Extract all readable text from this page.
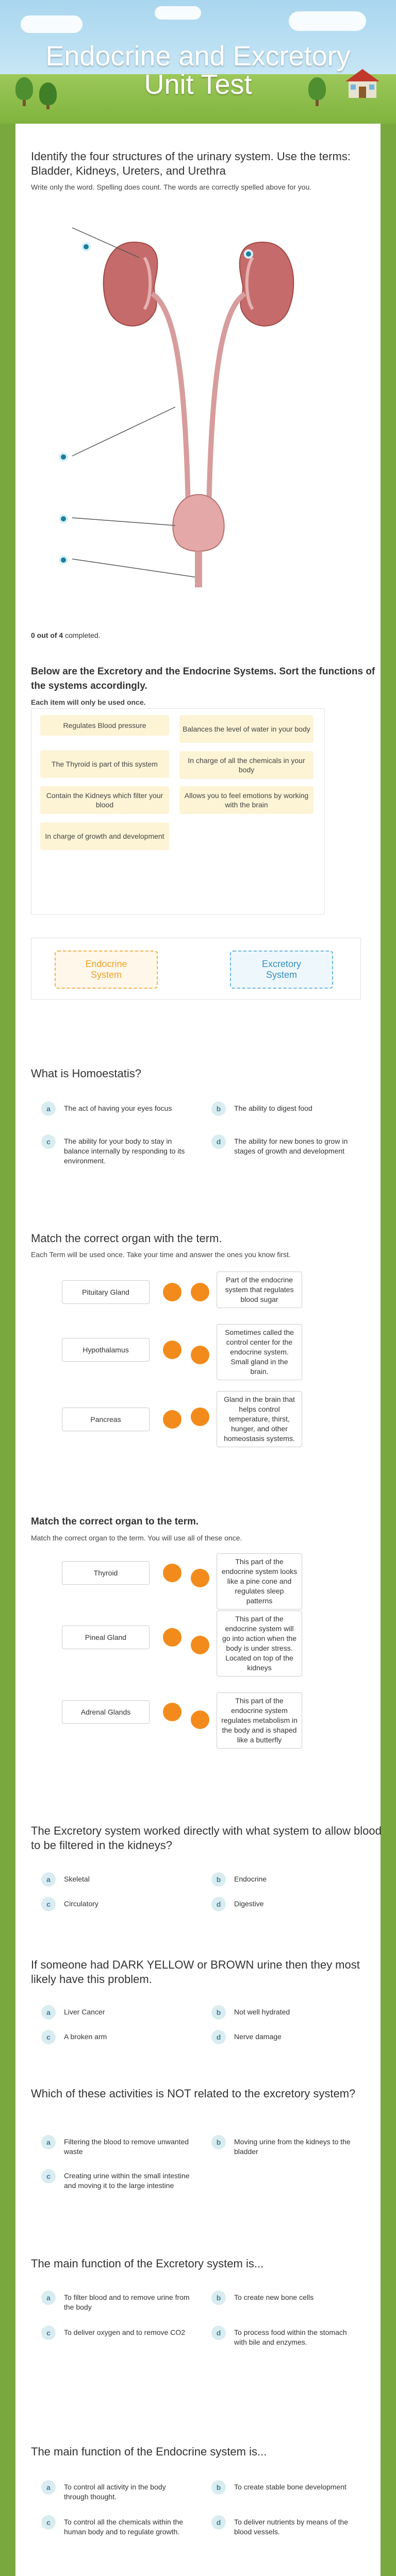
Endocrine and Excretory
Unit Test
Identify the four structures of the urinary system. Use the terms: Bladder, Kidneys, Ureters, and Urethra
Write only the word. Spelling does count. The words are correctly spelled above for you.
0 out of 4 completed.
Below are the Excretory and the Endocrine Systems. Sort the functions of the systems accordingly.
Each item will only be used once.
Regulates Blood pressure	Balances the level of water in your body
The Thyroid is part of this system	In charge of all the chemicals in your body
Contain the Kidneys which filter your blood
Allows you to feel emotions by working with the brain
In charge of growth and development
Endocrine System
Excretory System
What is Homoestatis?
a	The act of having your eyes focus	b	The ability to digest food
c	The ability for your body to stay in balance internally by responding to its environment.
d	The ability for new bones to grow in stages of growth and development
Match the correct organ with the term.
Each Term will be used once. Take your time and answer the ones you know first.
Pituitary Gland
Hypothalamus
Pancreas
Part of the endocrine system that regulates blood sugar
Sometimes called the control center for the endocrine system. Small gland in the brain.
Gland in the brain that helps control temperature, thirst, hunger, and other homeostasis systems.
Match the correct organ to the term.
Match the correct organ to the term. You will use all of these once.
Thyroid
Pineal Gland
Adrenal Glands
This part of the endocrine system looks like a pine cone and regulates sleep patterns
This part of the endocrine system will go into action when the body is under stress. Located on top of the kidneys
This part of the endocrine system regulates metabolism in the body and is shaped like a butterfly
The Excretory system worked directly with what system to allow blood to be filtered in the kidneys?
a	Skeletal	b	Endocrine
c	Circulatory	d	Digestive
If someone had DARK YELLOW or BROWN urine then they most likely have this problem.
a	Liver Cancer	b	Not well hydrated
c	A broken arm	d	Nerve damage
Which of these activities is NOT related to the excretory system?
a	Filtering the blood to remove unwanted waste
b	Moving urine from the kidneys to the bladder
c	Creating urine within the small intestine and moving it to the large intestine
The main function of the Excretory system is...
a	To filter blood and to remove urine from the body
b	To create new bone cells
c	To deliver oxygen and to remove CO2	d	To process food within the stomach with bile and enzymes.
The main function of the Endocrine system is...
a	To control all activity in the body through thought.
b	To create stable bone development
c	To control all the chemicals within the human body and to regulate growth.
d	To deliver nutrients by means of the blood vessels.
